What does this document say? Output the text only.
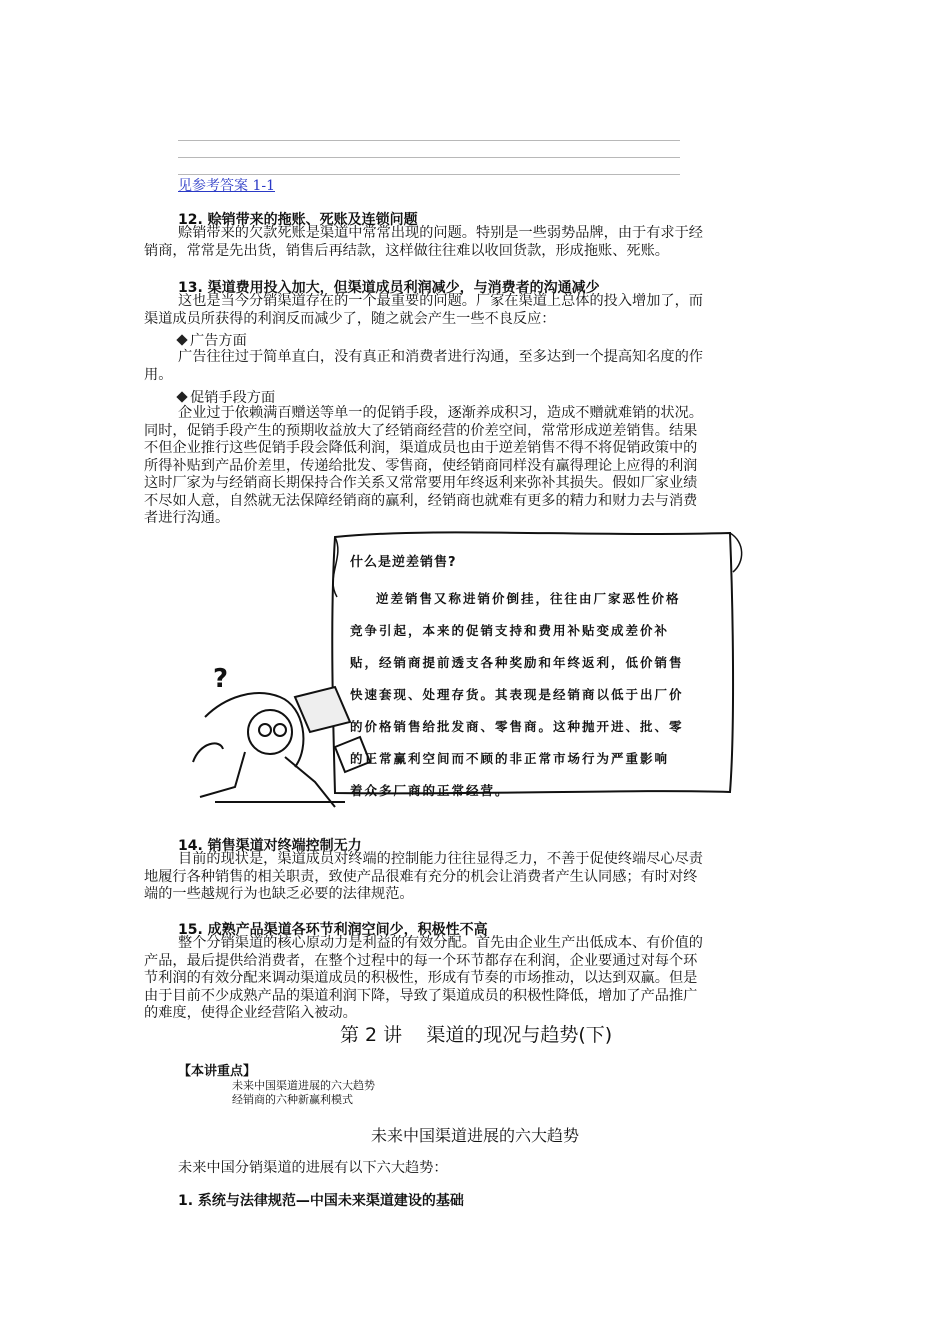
见参考答案 1-1
12. 赊销带来的拖账、死账及连锁问题
赊销带来的欠款死账是渠道中常常出现的问题。特别是一些弱势品牌，由于有求于经
销商，常常是先出货，销售后再结款，这样做往往难以收回货款，形成拖账、死账。
13. 渠道费用投入加大，但渠道成员利润减少，与消费者的沟通减少
这也是当今分销渠道存在的一个最重要的问题。厂家在渠道上总体的投入增加了，而
渠道成员所获得的利润反而减少了，随之就会产生一些不良反应：
广告方面
广告往往过于简单直白，没有真正和消费者进行沟通，至多达到一个提高知名度的作
用。
促销手段方面
企业过于依赖满百赠送等单一的促销手段，逐渐养成积习，造成不赠就难销的状况。
同时，促销手段产生的预期收益放大了经销商经营的价差空间，常常形成逆差销售。结果
不但企业推行这些促销手段会降低利润，渠道成员也由于逆差销售不得不将促销政策中的
所得补贴到产品价差里，传递给批发、零售商，使经销商同样没有赢得理论上应得的利润
这时厂家为与经销商长期保持合作关系又常常要用年终返利来弥补其损失。假如厂家业绩
不尽如人意，自然就无法保障经销商的赢利，经销商也就难有更多的精力和财力去与消费
者进行沟通。
?
什么是逆差销售?
逆差销售又称进销价倒挂，往往由厂家恶性价格
竞争引起，本来的促销支持和费用补贴变成差价补
贴，经销商提前透支各种奖励和年终返利，低价销售
快速套现、处理存货。其表现是经销商以低于出厂价
的价格销售给批发商、零售商。这种抛开进、批、零
的正常赢利空间而不顾的非正常市场行为严重影响
着众多厂商的正常经营。
14. 销售渠道对终端控制无力
目前的现状是，渠道成员对终端的控制能力往往显得乏力，不善于促使终端尽心尽责
地履行各种销售的相关职责，致使产品很难有充分的机会让消费者产生认同感；有时对终
端的一些越规行为也缺乏必要的法律规范。
15. 成熟产品渠道各环节利润空间少，积极性不高
整个分销渠道的核心原动力是利益的有效分配。首先由企业生产出低成本、有价值的
产品，最后提供给消费者，在整个过程中的每一个环节都存在利润，企业要通过对每个环
节利润的有效分配来调动渠道成员的积极性，形成有节奏的市场推动，以达到双赢。但是
由于目前不少成熟产品的渠道利润下降，导致了渠道成员的积极性降低，增加了产品推广
的难度，使得企业经营陷入被动。
第 2 讲    渠道的现况与趋势(下)
【本讲重点】
未来中国渠道进展的六大趋势
经销商的六种新赢利模式
未来中国渠道进展的六大趋势
未来中国分销渠道的进展有以下六大趋势：
1. 系统与法律规范—中国未来渠道建设的基础
